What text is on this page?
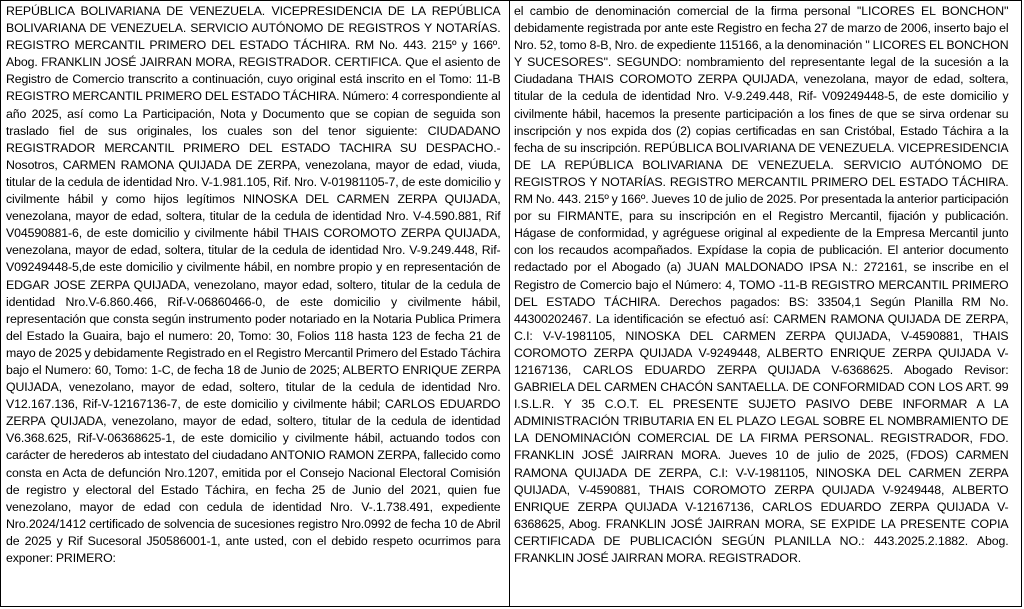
REPÚBLICA BOLIVARIANA DE VENEZUELA. VICEPRESIDENCIA DE LA REPÚBLICA BOLIVARIANA DE VENEZUELA. SERVICIO AUTÓNOMO DE REGISTROS Y NOTARÍAS. REGISTRO MERCANTIL PRIMERO DEL ESTADO TÁCHIRA. RM No. 443. 215º y 166º. Abog. FRANKLIN JOSÉ JAIRRAN MORA, REGISTRADOR. CERTIFICA. Que el asiento de Registro de Comercio transcrito a continuación, cuyo original está inscrito en el Tomo: 11-B REGISTRO MERCANTIL PRIMERO DEL ESTADO TÁCHIRA. Número: 4 correspondiente al año 2025, así como La Participación, Nota y Documento que se copian de seguida son traslado fiel de sus originales, los cuales son del tenor siguiente: CIUDADANO REGISTRADOR MERCANTIL PRIMERO DEL ESTADO TACHIRA SU DESPACHO.- Nosotros, CARMEN RAMONA QUIJADA DE ZERPA, venezolana, mayor de edad, viuda, titular de la cedula de identidad Nro. V-1.981.105, Rif. Nro. V-01981105-7, de este domicilio y civilmente hábil y como hijos legítimos NINOSKA DEL CARMEN ZERPA QUIJADA, venezolana, mayor de edad, soltera, titular de la cedula de identidad Nro. V-4.590.881, Rif V04590881-6, de este domicilio y civilmente hábil THAIS COROMOTO ZERPA QUIJADA, venezolana, mayor de edad, soltera, titular de la cedula de identidad Nro. V-9.249.448, Rif- V09249448-5,de este domicilio y civilmente hábil, en nombre propio y en representación de EDGAR JOSE ZERPA QUIJADA, venezolano, mayor edad, soltero, titular de la cedula de identidad Nro.V-6.860.466, Rif-V-06860466-0, de este domicilio y civilmente hábil, representación que consta según instrumento poder notariado en la Notaria Publica Primera del Estado la Guaira, bajo el numero: 20, Tomo: 30, Folios 118 hasta 123 de fecha 21 de mayo de 2025 y debidamente Registrado en el Registro Mercantil Primero del Estado Táchira bajo el Numero: 60, Tomo: 1-C, de fecha 18 de Junio de 2025; ALBERTO ENRIQUE ZERPA QUIJADA, venezolano, mayor de edad, soltero, titular de la cedula de identidad Nro. V12.167.136, Rif-V-12167136-7, de este domicilio y civilmente hábil; CARLOS EDUARDO ZERPA QUIJADA, venezolano, mayor de edad, soltero, titular de la cedula de identidad V6.368.625, Rif-V-06368625-1, de este domicilio y civilmente hábil, actuando todos con carácter de herederos ab intestato del ciudadano ANTONIO RAMON ZERPA, fallecido como consta en Acta de defunción Nro.1207, emitida por el Consejo Nacional Electoral Comisión de registro y electoral del Estado Táchira, en fecha 25 de Junio del 2021, quien fue venezolano, mayor de edad con cedula de identidad Nro. V-.1.738.491, expediente Nro.2024/1412 certificado de solvencia de sucesiones registro Nro.0992 de fecha 10 de Abril de 2025 y Rif Sucesoral J50586001-1, ante usted, con el debido respeto ocurrimos para exponer: PRIMERO:

el cambio de denominación comercial de la firma personal ''LICORES EL BONCHON'' debidamente registrada por ante este Registro en fecha 27 de marzo de 2006, inserto bajo el Nro. 52, tomo 8-B, Nro. de expediente 115166, a la denominación '' LICORES EL BONCHON Y SUCESORES''. SEGUNDO: nombramiento del representante legal de la sucesión a la Ciudadana THAIS COROMOTO ZERPA QUIJADA, venezolana, mayor de edad, soltera, titular de la cedula de identidad Nro. V-9.249.448, Rif- V09249448-5, de este domicilio y civilmente hábil, hacemos la presente participación a los fines de que se sirva ordenar su inscripción y nos expida dos (2) copias certificadas en san Cristóbal, Estado Táchira a la fecha de su inscripción. REPÚBLICA BOLIVARIANA DE VENEZUELA. VICEPRESIDENCIA DE LA REPÚBLICA BOLIVARIANA DE VENEZUELA. SERVICIO AUTÓNOMO DE REGISTROS Y NOTARÍAS. REGISTRO MERCANTIL PRIMERO DEL ESTADO TÁCHIRA. RM No. 443. 215º y 166º. Jueves 10 de julio de 2025. Por presentada la anterior participación por su FIRMANTE, para su inscripción en el Registro Mercantil, fijación y publicación. Hágase de conformidad, y agréguese original al expediente de la Empresa Mercantil junto con los recaudos acompañados. Expídase la copia de publicación. El anterior documento redactado por el Abogado (a) JUAN MALDONADO IPSA N.: 272161, se inscribe en el Registro de Comercio bajo el Número: 4, TOMO -11-B REGISTRO MERCANTIL PRIMERO DEL ESTADO TÁCHIRA. Derechos pagados: BS: 33504,1 Según Planilla RM No. 44300202467. La identificación se efectuó así: CARMEN RAMONA QUIJADA DE ZERPA, C.I: V-V-1981105, NINOSKA DEL CARMEN ZERPA QUIJADA, V-4590881, THAIS COROMOTO ZERPA QUIJADA V-9249448, ALBERTO ENRIQUE ZERPA QUIJADA V-12167136, CARLOS EDUARDO ZERPA QUIJADA V-6368625. Abogado Revisor: GABRIELA DEL CARMEN CHACÓN SANTAELLA. DE CONFORMIDAD CON LOS ART. 99 I.S.L.R. Y 35 C.O.T. EL PRESENTE SUJETO PASIVO DEBE INFORMAR A LA ADMINISTRACIÓN TRIBUTARIA EN EL PLAZO LEGAL SOBRE EL NOMBRAMIENTO DE LA DENOMINACIÓN COMERCIAL DE LA FIRMA PERSONAL. REGISTRADOR, FDO. FRANKLIN JOSÉ JAIRRAN MORA. Jueves 10 de julio de 2025, (FDOS) CARMEN RAMONA QUIJADA DE ZERPA, C.I: V-V-1981105, NINOSKA DEL CARMEN ZERPA QUIJADA, V-4590881, THAIS COROMOTO ZERPA QUIJADA V-9249448, ALBERTO ENRIQUE ZERPA QUIJADA V-12167136, CARLOS EDUARDO ZERPA QUIJADA V-6368625, Abog. FRANKLIN JOSÉ JAIRRAN MORA, SE EXPIDE LA PRESENTE COPIA CERTIFICADA DE PUBLICACIÓN SEGÚN PLANILLA NO.: 443.2025.2.1882. Abog. FRANKLIN JOSÉ JAIRRAN MORA. REGISTRADOR.
